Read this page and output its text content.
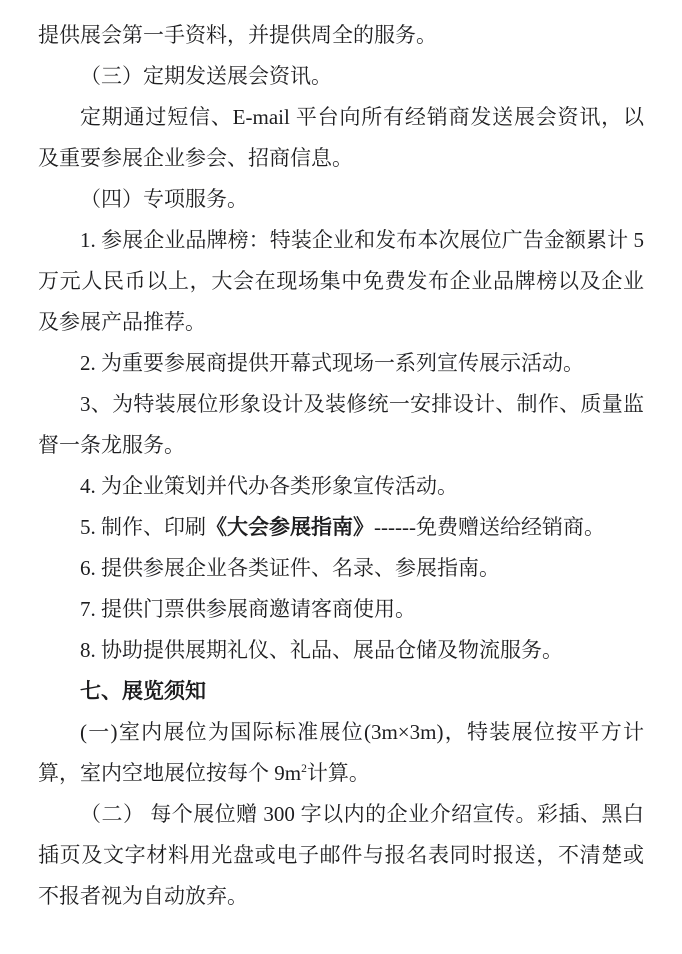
提供展会第一手资料，并提供周全的服务。

（三）定期发送展会资讯。

定期通过短信、E-mail 平台向所有经销商发送展会资讯，以及重要参展企业参会、招商信息。

（四）专项服务。

1. 参展企业品牌榜：特装企业和发布本次展位广告金额累计 5 万元人民币以上，大会在现场集中免费发布企业品牌榜以及企业及参展产品推荐。

2. 为重要参展商提供开幕式现场一系列宣传展示活动。

3、为特装展位形象设计及装修统一安排设计、制作、质量监督一条龙服务。

4. 为企业策划并代办各类形象宣传活动。

5. 制作、印刷《大会参展指南》------免费赠送给经销商。

6. 提供参展企业各类证件、名录、参展指南。

7. 提供门票供参展商邀请客商使用。

8. 协助提供展期礼仪、礼品、展品仓储及物流服务。

七、展览须知

(一)室内展位为国际标准展位(3m×3m)，特装展位按平方计算，室内空地展位按每个 $9m^2$计算。

（二） 每个展位赠 300 字以内的企业介绍宣传。彩插、黑白插页及文字材料用光盘或电子邮件与报名表同时报送，不清楚或不报者视为自动放弃。
